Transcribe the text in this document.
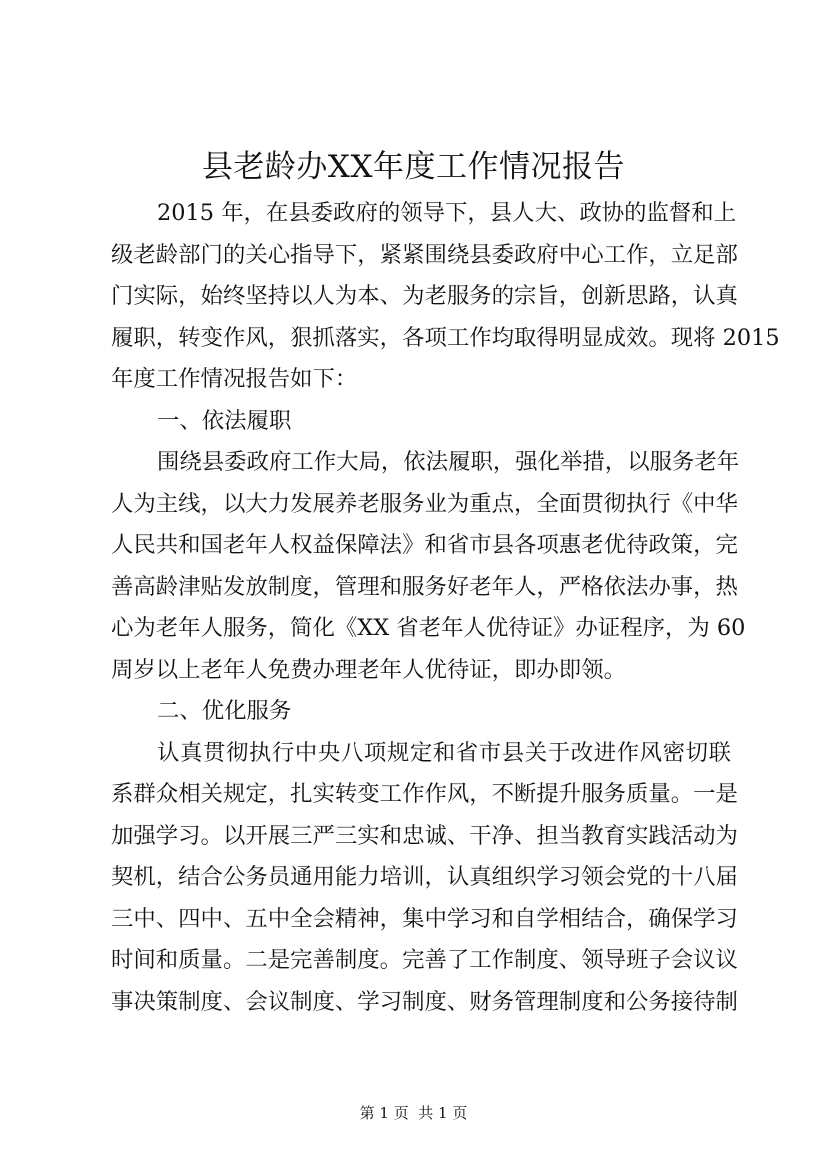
县老龄办XX年度工作情况报告
2015 年，在县委政府的领导下，县人大、政协的监督和上
级老龄部门的关心指导下，紧紧围绕县委政府中心工作，立足部
门实际，始终坚持以人为本、为老服务的宗旨，创新思路，认真
履职，转变作风，狠抓落实，各项工作均取得明显成效。现将 2015
年度工作情况报告如下：
一、依法履职
围绕县委政府工作大局，依法履职，强化举措，以服务老年
人为主线，以大力发展养老服务业为重点，全面贯彻执行《中华
人民共和国老年人权益保障法》和省市县各项惠老优待政策，完
善高龄津贴发放制度，管理和服务好老年人，严格依法办事，热
心为老年人服务，简化《XX 省老年人优待证》办证程序，为 60
周岁以上老年人免费办理老年人优待证，即办即领。
二、优化服务
认真贯彻执行中央八项规定和省市县关于改进作风密切联
系群众相关规定，扎实转变工作作风，不断提升服务质量。一是
加强学习。以开展三严三实和忠诚、干净、担当教育实践活动为
契机，结合公务员通用能力培训，认真组织学习领会党的十八届
三中、四中、五中全会精神，集中学习和自学相结合，确保学习
时间和质量。二是完善制度。完善了工作制度、领导班子会议议
事决策制度、会议制度、学习制度、财务管理制度和公务接待制
第 1 页  共 1 页
